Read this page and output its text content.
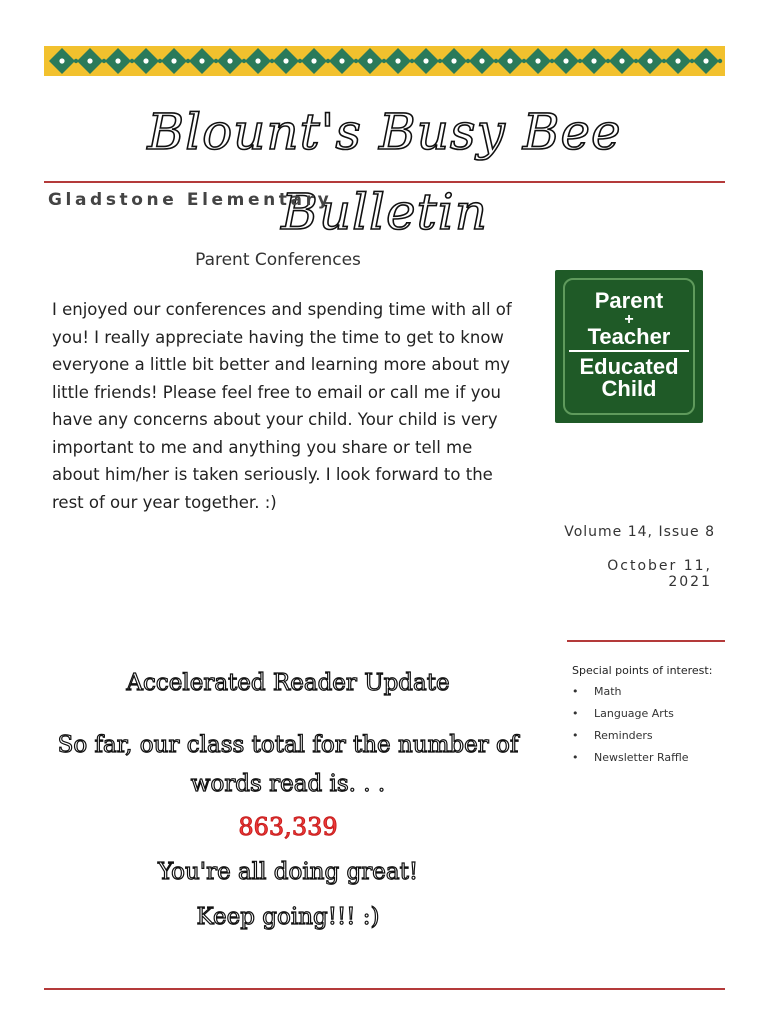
Blount's Busy Bee Bulletin
Gladstone Elementary
Parent Conferences
I enjoyed our conferences and spending time with all of you! I really appreciate having the time to get to know everyone a little bit better and learning more about my little friends! Please feel free to email or call me if you have any concerns about your child. Your child is very important to me and anything you share or tell me about him/her is taken seriously. I look forward to the rest of our year together. :)
Parent
+
Teacher
Educated
Child
Volume 14, Issue 8
October 11, 2021
Special points of interest:
• Math
• Language Arts
• Reminders
• Newsletter Raffle
Accelerated Reader Update
So far, our class total for the number of words read is. . .
863,339
You're all doing great!
Keep going!!! :)
